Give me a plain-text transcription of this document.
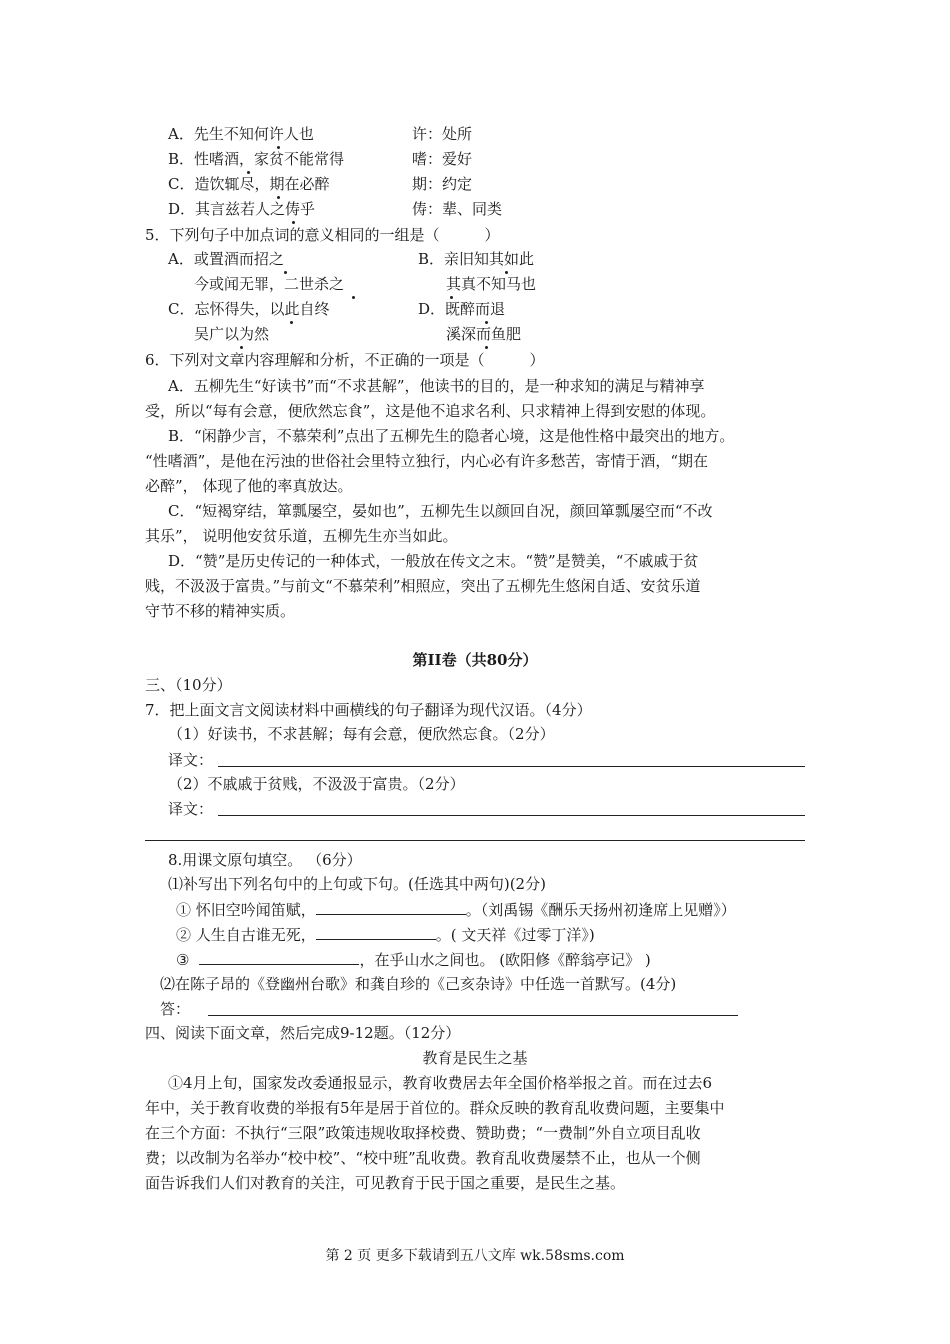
A．先生不知何许人也	许：处所
B．性嗜酒，家贫不能常得	嗜：爱好
C．造饮辄尽，期在必醉	期：约定
D．其言兹若人之俦乎	俦：辈、同类
5．下列句子中加点词的意义相同的一组是（　　　）
A．或置酒而招之	B．亲旧知其如此
今或闻无罪，二世杀之	其真不知马也
C．忘怀得失，以此自终	D．既醉而退
吴广以为然	溪深而鱼肥
6．下列对文章内容理解和分析，不正确的一项是（　　　）
A．五柳先生“好读书”而“不求甚解”，他读书的目的，是一种求知的满足与精神享
受，所以“每有会意，便欣然忘食”，这是他不追求名利、只求精神上得到安慰的体现。
B．“闲静少言，不慕荣利”点出了五柳先生的隐者心境，这是他性格中最突出的地方。
“性嗜酒”，是他在污浊的世俗社会里特立独行，内心必有许多愁苦，寄情于酒，“期在
必醉”， 体现了他的率真放达。
C．“短褐穿结，箪瓢屡空，晏如也”，五柳先生以颜回自况，颜回箪瓢屡空而“不改
其乐”， 说明他安贫乐道，五柳先生亦当如此。
D．“赞”是历史传记的一种体式，一般放在传文之末。“赞”是赞美，“不戚戚于贫
贱，不汲汲于富贵。”与前文“不慕荣利”相照应，突出了五柳先生悠闲自适、安贫乐道
守节不移的精神实质。
第II卷（共80分）
三、（10分）
7．把上面文言文阅读材料中画横线的句子翻译为现代汉语。（4分）
（1）好读书，不求甚解；每有会意，便欣然忘食。（2分）
译文：
（2）不戚戚于贫贱，不汲汲于富贵。（2分）
译文：
8.用课文原句填空。 （6分）
⑴补写出下列名句中的上句或下句。(任选其中两句)(2分)
① 怀旧空吟闻笛赋，	。（刘禹锡《酬乐天扬州初逢席上见赠》）
② 人生自古谁无死，	。( 文天祥《过零丁洋》)
③	，在乎山水之间也。 (欧阳修《醉翁亭记》 )
⑵在陈子昂的《登幽州台歌》和龚自珍的《己亥杂诗》中任选一首默写。(4分)
答：
四、阅读下面文章，然后完成9-12题。（12分）
教育是民生之基
①4月上旬，国家发改委通报显示，教育收费居去年全国价格举报之首。而在过去6
年中，关于教育收费的举报有5年是居于首位的。群众反映的教育乱收费问题，主要集中
在三个方面：不执行“三限”政策违规收取择校费、赞助费；“一费制”外自立项目乱收
费；以改制为名举办“校中校”、“校中班”乱收费。教育乱收费屡禁不止，也从一个侧
面告诉我们人们对教育的关注，可见教育于民于国之重要，是民生之基。
第 2 页 更多下载请到五八文库 wk.58sms.com
